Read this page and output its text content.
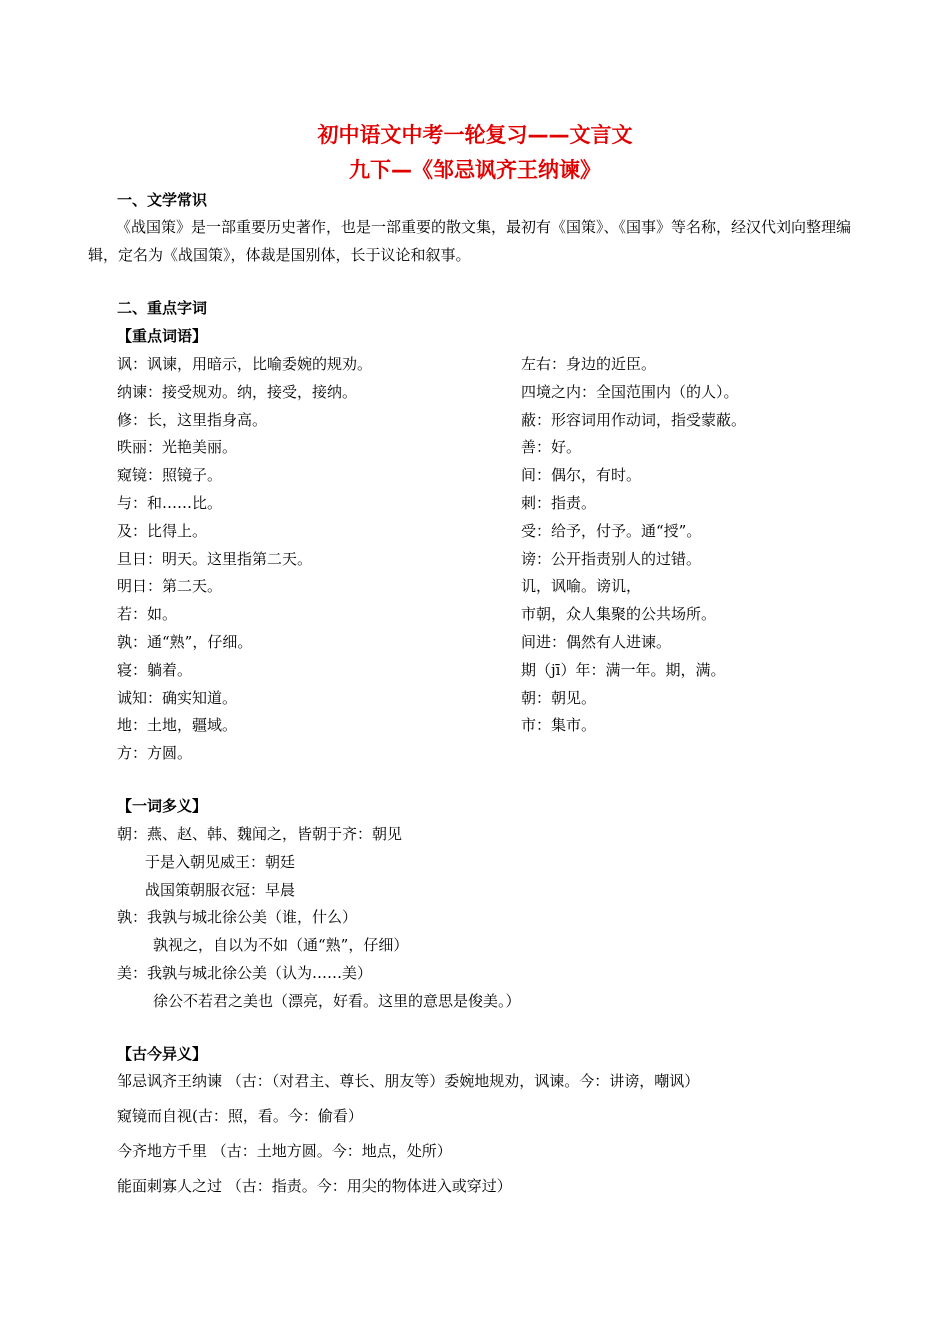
初中语文中考一轮复习——文言文
九下—《邹忌讽齐王纳谏》
一、文学常识
《战国策》是一部重要历史著作，也是一部重要的散文集，最初有《国策》、《国事》等名称，经汉代刘向整理编辑，定名为《战国策》，体裁是国别体，长于议论和叙事。
二、重点字词
【重点词语】
讽：讽谏，用暗示，比喻委婉的规劝。
纳谏：接受规劝。纳，接受，接纳。
修：长，这里指身高。
昳丽：光艳美丽。
窥镜：照镜子。
与：和……比。
及：比得上。
旦日：明天。这里指第二天。
明日：第二天。
若：如。
孰：通“熟”，仔细。
寝：躺着。
诚知：确实知道。
地：土地，疆域。
方：方圆。
左右：身边的近臣。
四境之内：全国范围内（的人）。
蔽：形容词用作动词，指受蒙蔽。
善：好。
间：偶尔，有时。
刺：指责。
受：给予，付予。通“授”。
谤：公开指责别人的过错。
讥，讽喻。谤讥，
市朝，众人集聚的公共场所。
间进：偶然有人进谏。
期（jī）年：满一年。期，满。
朝：朝见。
市：集市。
【一词多义】
朝：燕、赵、韩、魏闻之，皆朝于齐：朝见
于是入朝见威王：朝廷
战国策朝服衣冠：早晨
孰：我孰与城北徐公美（谁，什么）
孰视之，自以为不如（通“熟”，仔细）
美：我孰与城北徐公美（认为……美）
徐公不若君之美也（漂亮，好看。这里的意思是俊美。）
【古今异义】
邹忌讽齐王纳谏 （古：（对君主、尊长、朋友等）委婉地规劝，讽谏。今：讲谤，嘲讽）
窥镜而自视(古：照，看。今：偷看）
今齐地方千里 （古：土地方圆。今：地点，处所）
能面刺寡人之过 （古：指责。今：用尖的物体进入或穿过）
